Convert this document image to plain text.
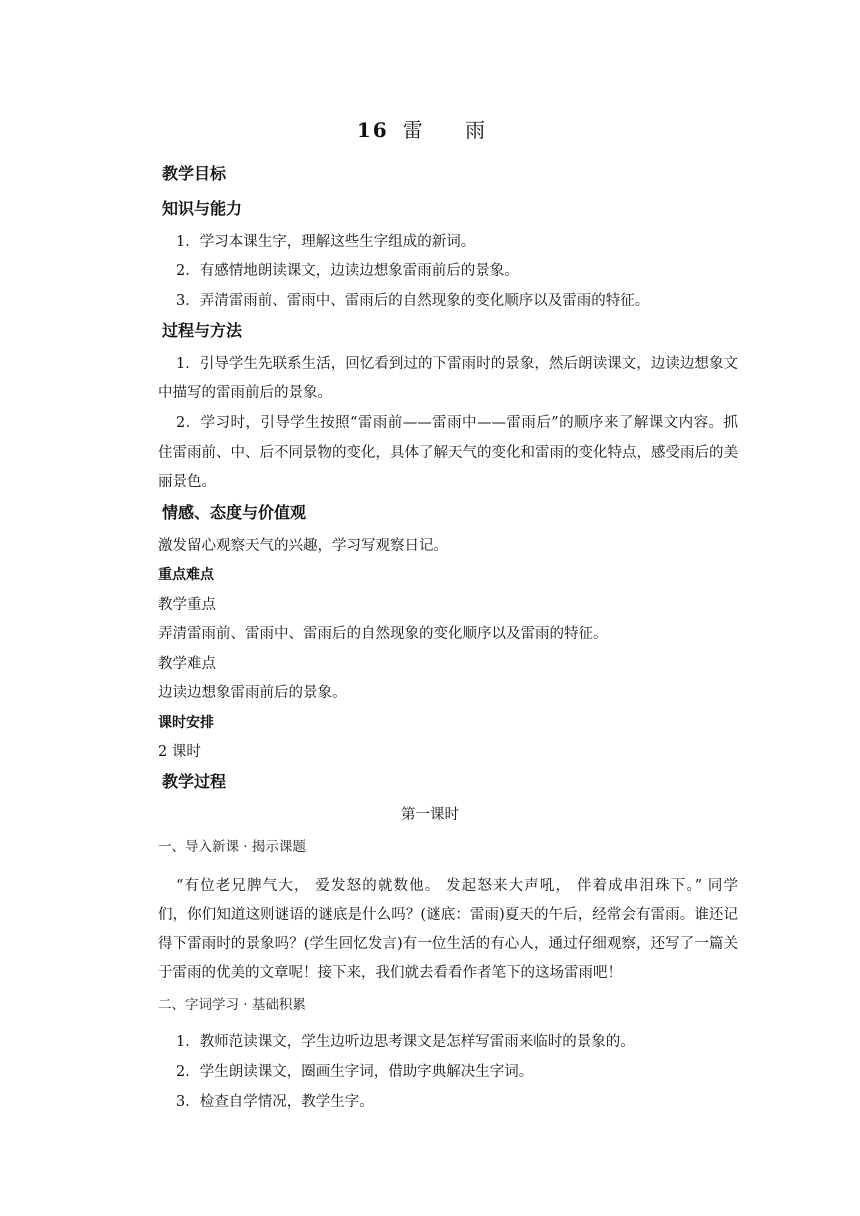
16 雷 雨
教学目标
知识与能力
1．学习本课生字，理解这些生字组成的新词。
2．有感情地朗读课文，边读边想象雷雨前后的景象。
3．弄清雷雨前、雷雨中、雷雨后的自然现象的变化顺序以及雷雨的特征。
过程与方法
1．引导学生先联系生活，回忆看到过的下雷雨时的景象，然后朗读课文，边读边想象文
中描写的雷雨前后的景象。
2．学习时，引导学生按照“雷雨前——雷雨中——雷雨后”的顺序来了解课文内容。抓
住雷雨前、中、后不同景物的变化，具体了解天气的变化和雷雨的变化特点，感受雨后的美
丽景色。
情感、态度与价值观
激发留心观察天气的兴趣，学习写观察日记。
重点难点
教学重点
弄清雷雨前、雷雨中、雷雨后的自然现象的变化顺序以及雷雨的特征。
教学难点
边读边想象雷雨前后的景象。
课时安排
2 课时
教学过程
第一课时
一、导入新课 · 揭示课题
“有位老兄脾气大， 爱发怒的就数他。 发起怒来大声吼， 伴着成串泪珠下。” 同学
们，你们知道这则谜语的谜底是什么吗？(谜底：雷雨)夏天的午后，经常会有雷雨。谁还记
得下雷雨时的景象吗？(学生回忆发言)有一位生活的有心人，通过仔细观察，还写了一篇关
于雷雨的优美的文章呢！接下来，我们就去看看作者笔下的这场雷雨吧！
二、字词学习 · 基础积累
1．教师范读课文，学生边听边思考课文是怎样写雷雨来临时的景象的。
2．学生朗读课文，圈画生字词，借助字典解决生字词。
3．检查自学情况，教学生字。
